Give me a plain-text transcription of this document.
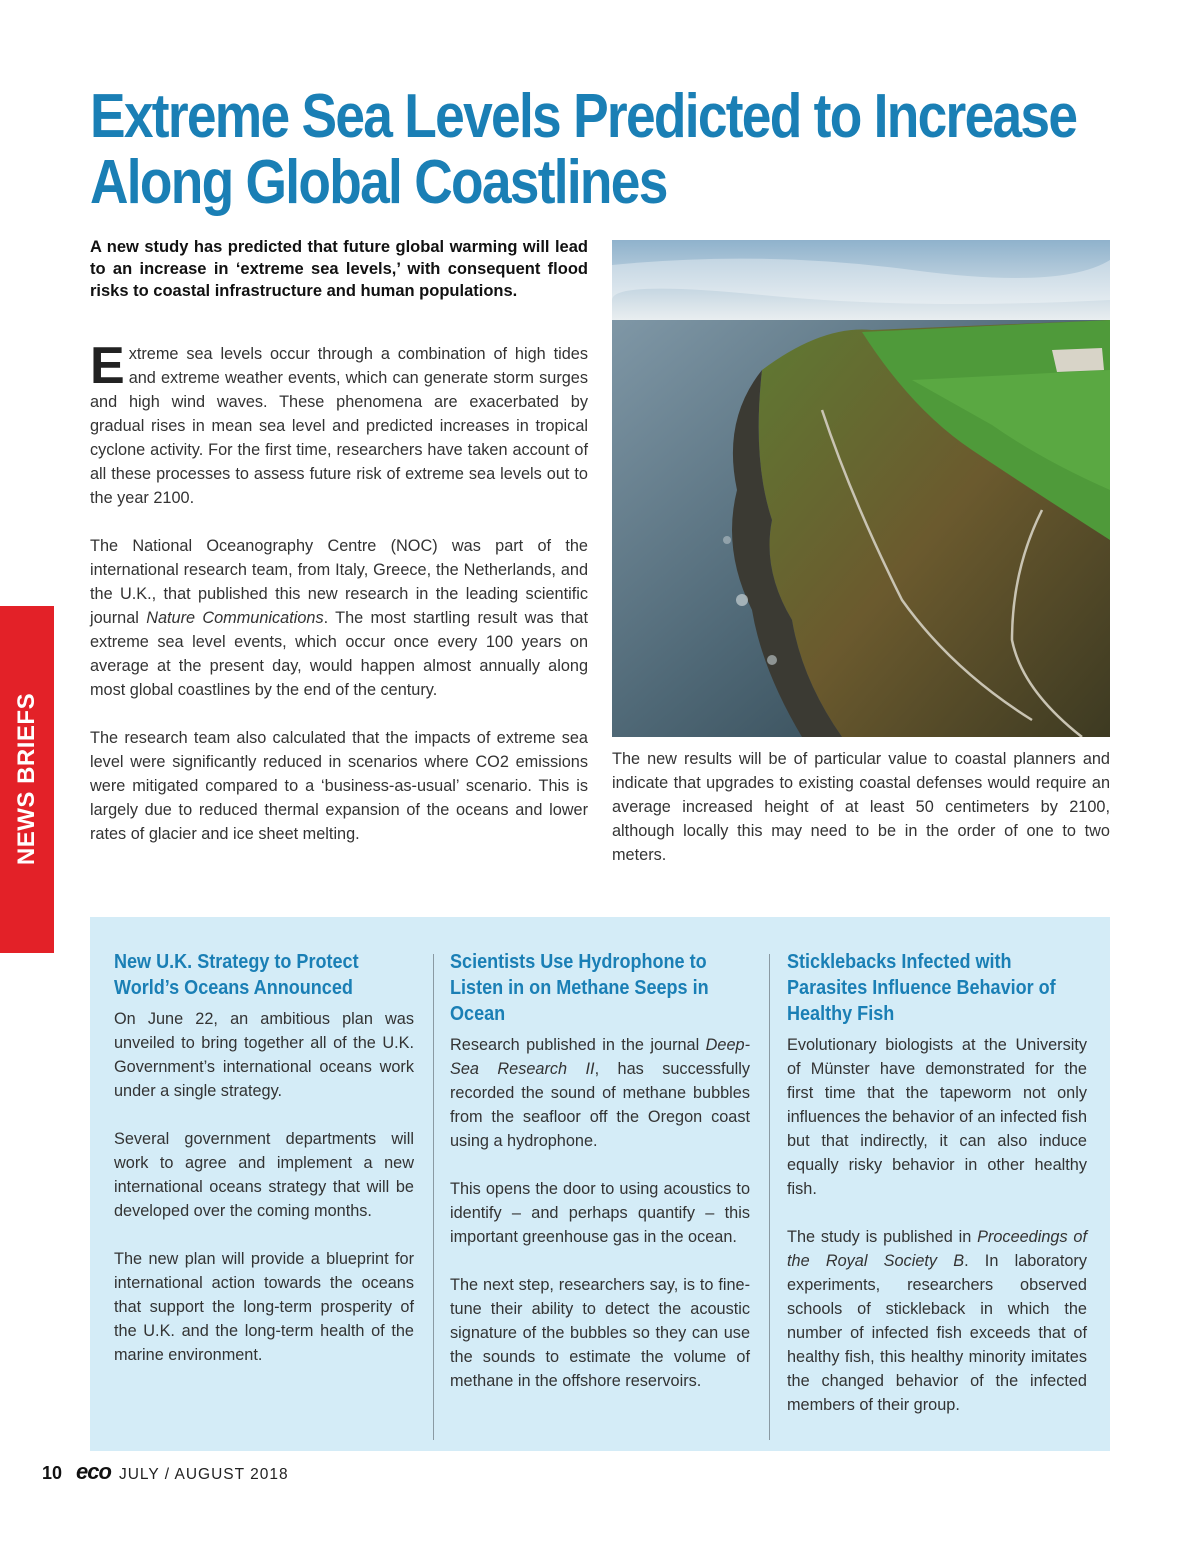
Extreme Sea Levels Predicted to Increase Along Global Coastlines

A new study has predicted that future global warming will lead to an increase in ‘extreme sea levels,’ with consequent flood risks to coastal infrastructure and human populations.

Extreme sea levels occur through a combination of high tides and extreme weather events, which can generate storm surges and high wind waves. These phenomena are exacerbated by gradual rises in mean sea level and predicted increases in tropical cyclone activity. For the first time, researchers have taken account of all these processes to assess future risk of extreme sea levels out to the year 2100.

The National Oceanography Centre (NOC) was part of the international research team, from Italy, Greece, the Netherlands, and the U.K., that published this new research in the leading scientific journal Nature Communications. The most startling result was that extreme sea level events, which occur once every 100 years on average at the present day, would happen almost annually along most global coastlines by the end of the century.

The research team also calculated that the impacts of extreme sea level were significantly reduced in scenarios where CO2 emissions were mitigated compared to a ‘business-as-usual’ scenario. This is largely due to reduced thermal expansion of the oceans and lower rates of glacier and ice sheet melting.

The new results will be of particular value to coastal planners and indicate that upgrades to existing coastal defenses would require an average increased height of at least 50 centimeters by 2100, although locally this may need to be in the order of one to two meters.

NEWS BRIEFS
New U.K. Strategy to Protect World’s Oceans Announced

On June 22, an ambitious plan was unveiled to bring together all of the U.K. Government’s international oceans work under a single strategy.

Several government departments will work to agree and implement a new international oceans strategy that will be developed over the coming months.

The new plan will provide a blueprint for international action towards the oceans that support the long-term prosperity of the U.K. and the long-term health of the marine environment.

Scientists Use Hydrophone to Listen in on Methane Seeps in Ocean

Research published in the journal Deep-Sea Research II, has successfully recorded the sound of methane bubbles from the seafloor off the Oregon coast using a hydrophone.

This opens the door to using acoustics to identify – and perhaps quantify – this important greenhouse gas in the ocean.

The next step, researchers say, is to fine-tune their ability to detect the acoustic signature of the bubbles so they can use the sounds to estimate the volume of methane in the offshore reservoirs.

Sticklebacks Infected with Parasites Influence Behavior of Healthy Fish

Evolutionary biologists at the University of Münster have demonstrated for the first time that the tapeworm not only influences the behavior of an infected fish but that indirectly, it can also induce equally risky behavior in other healthy fish.

The study is published in Proceedings of the Royal Society B. In laboratory experiments, researchers observed schools of stickleback in which the number of infected fish exceeds that of healthy fish, this healthy minority imitates the changed behavior of the infected members of their group.

10 eco JULY / AUGUST 2018
